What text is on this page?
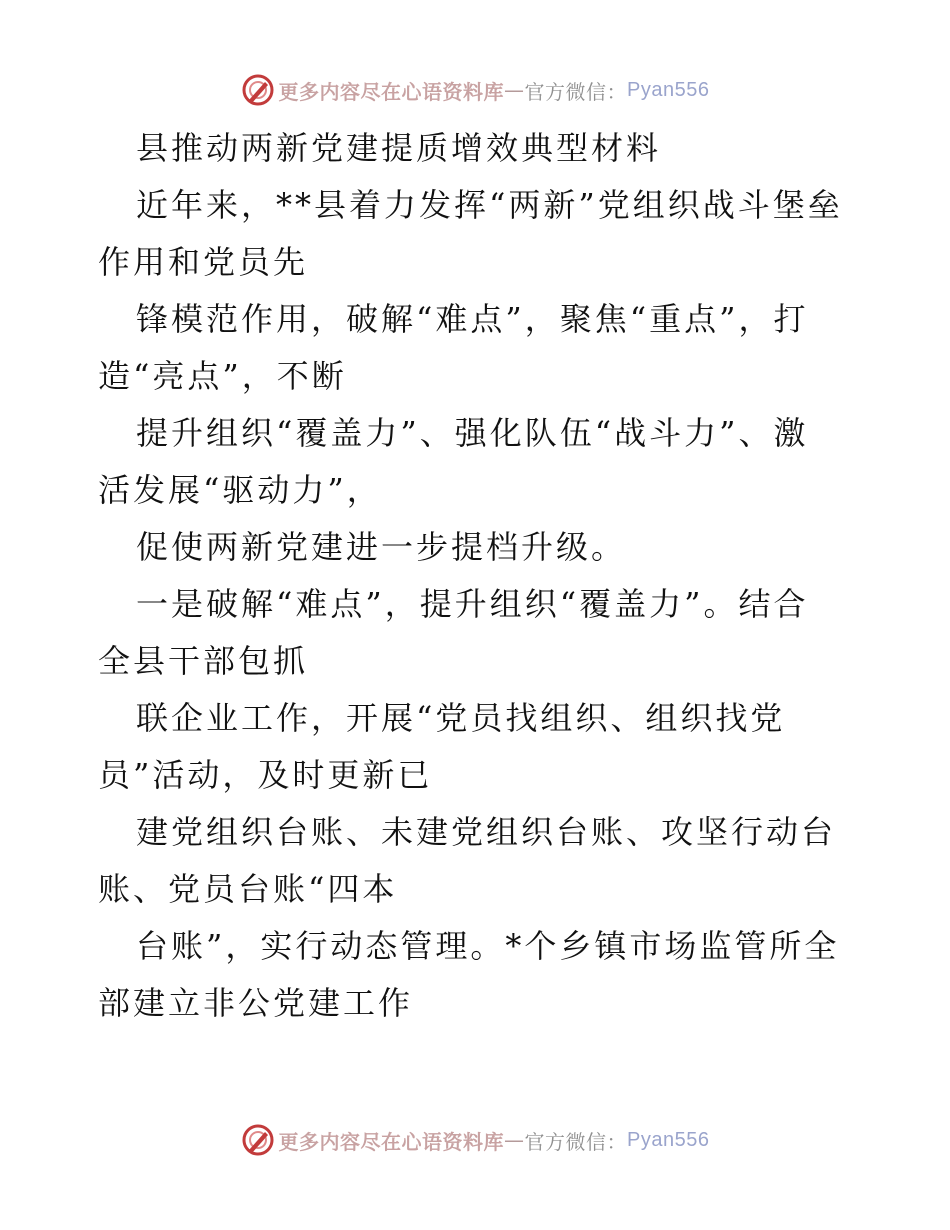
更多内容尽在心语资料库 — 官方微信： Pyan556
县推动两新党建提质增效典型材料
近年来，**县着力发挥“两新”党组织战斗堡垒
作用和党员先
锋模范作用，破解“难点”，聚焦“重点”，打
造“亮点”，不断
提升组织“覆盖力”、强化队伍“战斗力”、激
活发展“驱动力”，
促使两新党建进一步提档升级。
一是破解“难点”，提升组织“覆盖力”。结合
全县干部包抓
联企业工作，开展“党员找组织、组织找党
员”活动，及时更新已
建党组织台账、未建党组织台账、攻坚行动台
账、党员台账“四本
台账”，实行动态管理。*个乡镇市场监管所全
部建立非公党建工作
更多内容尽在心语资料库 — 官方微信： Pyan556
